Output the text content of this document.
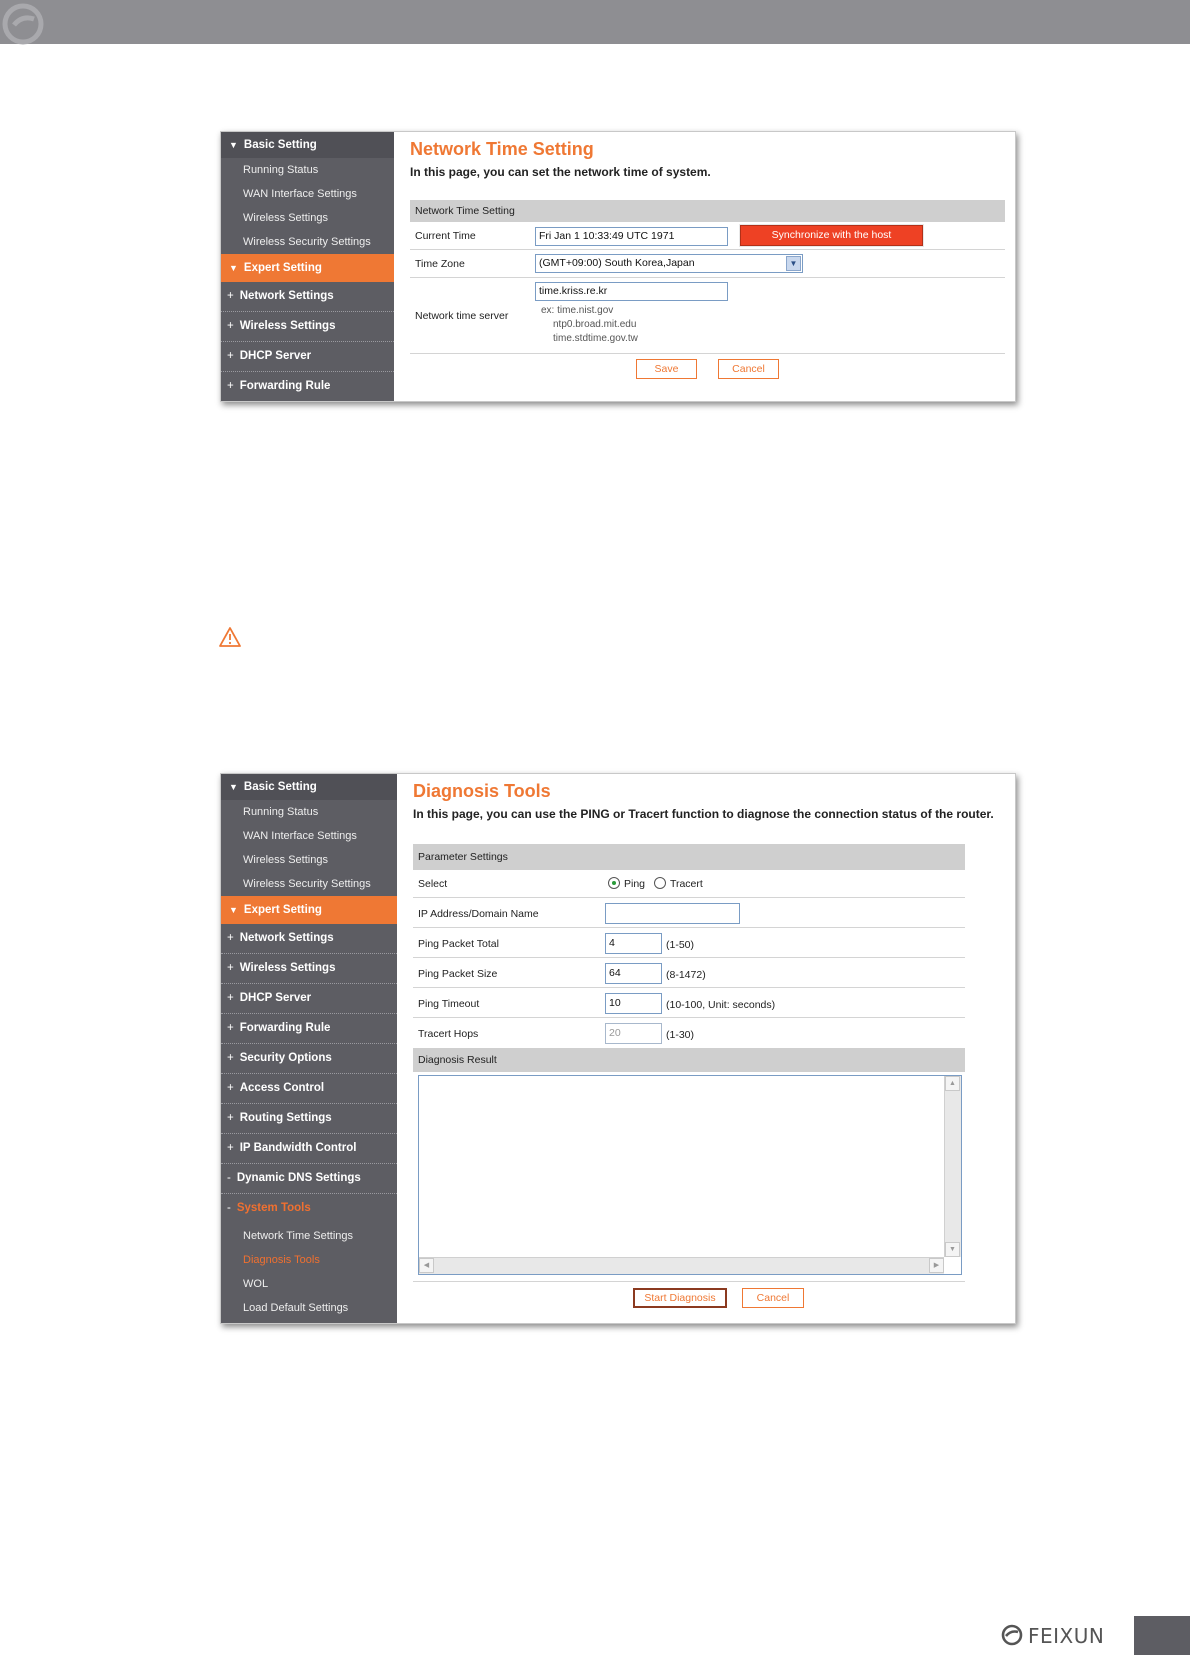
▼ Basic Setting
Running Status
WAN Interface Settings
Wireless Settings
Wireless Security Settings
▼ Expert Setting
+ Network Settings
+ Wireless Settings
+ DHCP Server
+ Forwarding Rule
Network Time Setting
In this page, you can set the network time of system.
Network Time Setting
Current Time	Fri Jan 1 10:33:49 UTC 1971	Synchronize with the host
Time Zone	(GMT+09:00) South Korea,Japan	▼
Network time server
time.kriss.re.kr
ex: time.nist.gov
ntp0.broad.mit.edu
time.stdtime.gov.tw
Save	Cancel
▼ Basic Setting
Running Status
WAN Interface Settings
Wireless Settings
Wireless Security Settings
▼ Expert Setting
+ Network Settings
+ Wireless Settings
+ DHCP Server
+ Forwarding Rule
+ Security Options
+ Access Control
+ Routing Settings
+ IP Bandwidth Control
- Dynamic DNS Settings
- System Tools
Network Time Settings
Diagnosis Tools
WOL
Load Default Settings
Diagnosis Tools
In this page, you can use the PING or Tracert function to diagnose the connection status of the router.
Parameter Settings
Select	Ping Tracert
IP Address/Domain Name
Ping Packet Total	4	(1-50)
Ping Packet Size	64	(8-1472)
Ping Timeout	10	(10-100, Unit: seconds)
Tracert Hops	20	(1-30)
Diagnosis Result
▲
▼
◀	▶
Start Diagnosis	Cancel
FEIXUN
